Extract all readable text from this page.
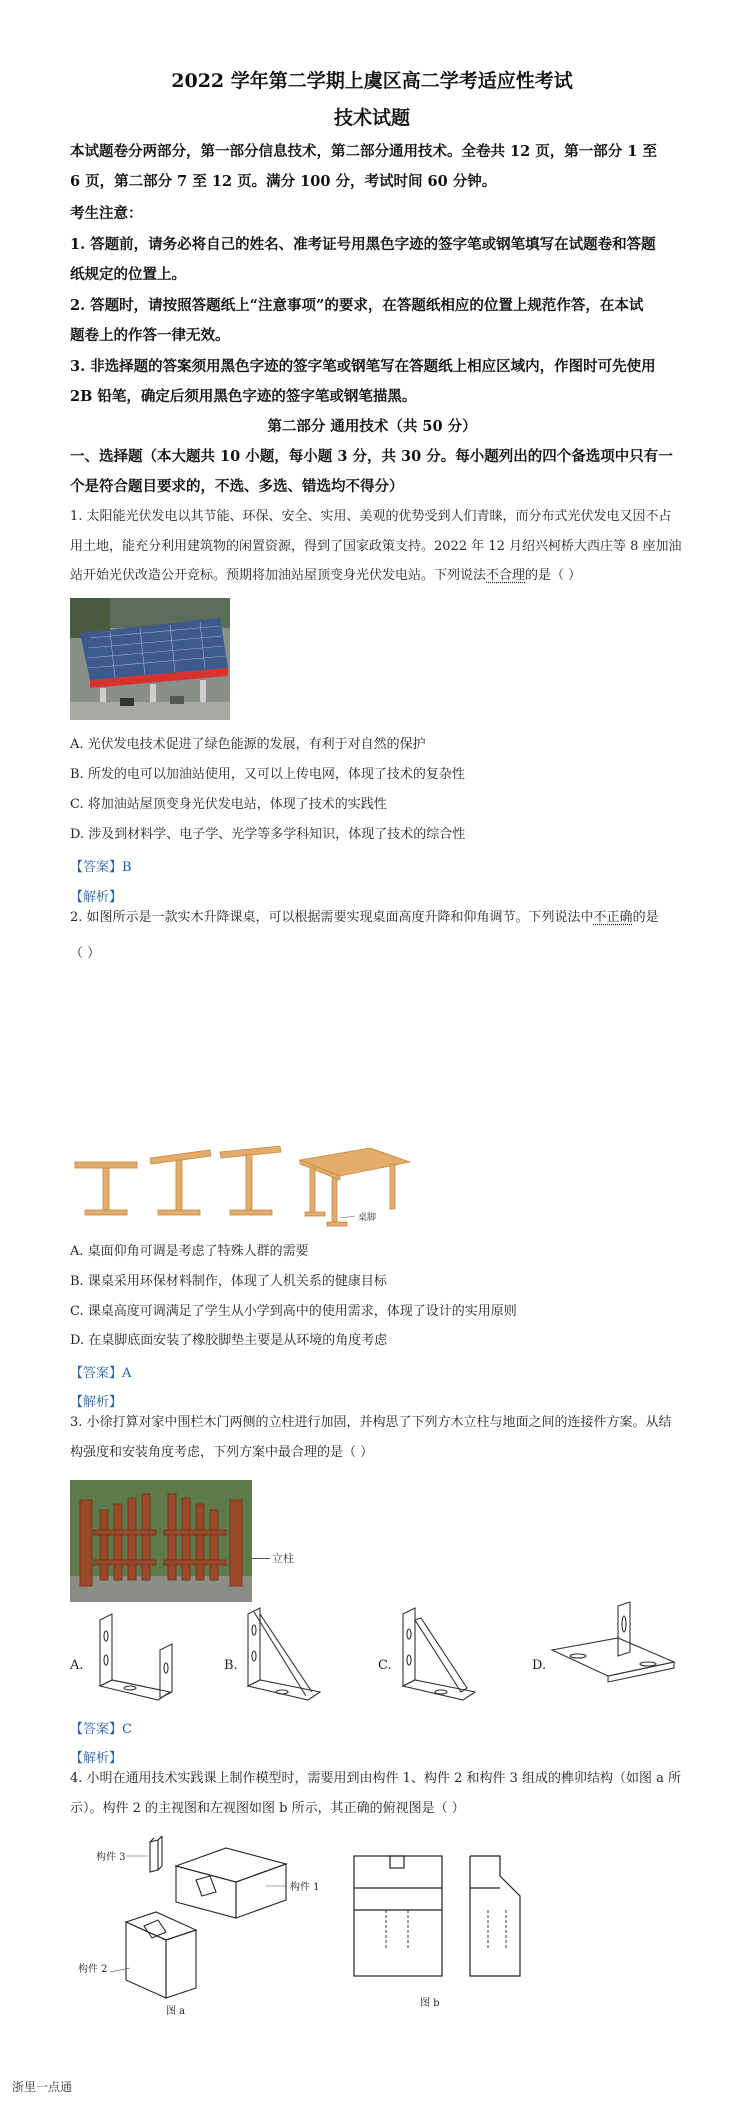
2022 学年第二学期上虞区高二学考适应性考试
技术试题
本试题卷分两部分，第一部分信息技术，第二部分通用技术。全卷共 12 页，第一部分 1 至
6 页，第二部分 7 至 12 页。满分 100 分，考试时间 60 分钟。
考生注意：
1. 答题前，请务必将自己的姓名、准考证号用黑色字迹的签字笔或钢笔填写在试题卷和答题
纸规定的位置上。
2. 答题时，请按照答题纸上“注意事项”的要求，在答题纸相应的位置上规范作答，在本试
题卷上的作答一律无效。
3. 非选择题的答案须用黑色字迹的签字笔或钢笔写在答题纸上相应区域内，作图时可先使用
2B 铅笔，确定后须用黑色字迹的签字笔或钢笔描黑。
第二部分 通用技术（共 50 分）
一、选择题（本大题共 10 小题，每小题 3 分，共 30 分。每小题列出的四个备选项中只有一
个是符合题目要求的，不选、多选、错选均不得分）
1. 太阳能光伏发电以其节能、环保、安全、实用、美观的优势受到人们青睐，而分布式光伏发电又因不占
用土地，能充分利用建筑物的闲置资源，得到了国家政策支持。2022 年 12 月绍兴柯桥大西庄等 8 座加油
站开始光伏改造公开竞标。预期将加油站屋顶变身光伏发电站。下列说法不合理的是（ ）
A. 光伏发电技术促进了绿色能源的发展，有利于对自然的保护
B. 所发的电可以加油站使用，又可以上传电网，体现了技术的复杂性
C. 将加油站屋顶变身光伏发电站，体现了技术的实践性
D. 涉及到材料学、电子学、光学等多学科知识，体现了技术的综合性
【答案】B
【解析】
2. 如图所示是一款实木升降课桌，可以根据需要实现桌面高度升降和仰角调节。下列说法中不正确的是
（ ）
桌脚
A. 桌面仰角可调是考虑了特殊人群的需要
B. 课桌采用环保材料制作，体现了人机关系的健康目标
C. 课桌高度可调满足了学生从小学到高中的使用需求，体现了设计的实用原则
D. 在桌脚底面安装了橡胶脚垫主要是从环境的角度考虑
【答案】A
【解析】
3. 小徐打算对家中围栏木门两侧的立柱进行加固，并构思了下列方木立柱与地面之间的连接件方案。从结
构强度和安装角度考虑，下列方案中最合理的是（ ）
立柱
A.	B.	C.	D.
【答案】C
【解析】
4. 小明在通用技术实践课上制作模型时，需要用到由构件 1、构件 2 和构件 3 组成的榫卯结构（如图 a 所
示）。构件 2 的主视图和左视图如图 b 所示，其正确的俯视图是（ ）
构件 3
构件 1
构件 2
图 a
图 b
浙里一点通
